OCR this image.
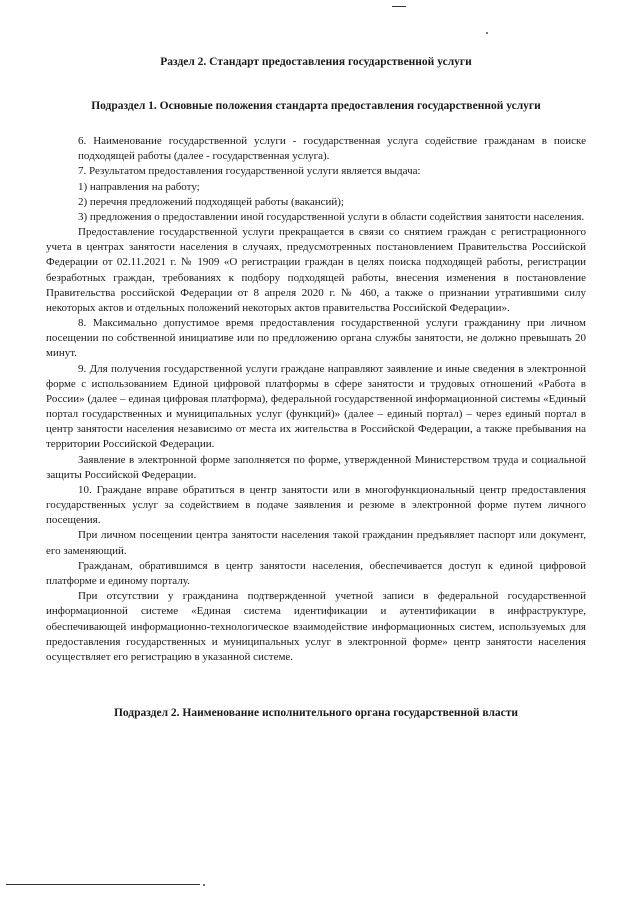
Раздел 2. Стандарт предоставления государственной услуги
Подраздел 1. Основные положения стандарта предоставления государственной услуги

6. Наименование государственной услуги - государственная услуга содействие гражданам в поиске подходящей работы (далее - государственная услуга).

7. Результатом предоставления государственной услуги является выдача:

1) направления на работу;

2) перечня предложений подходящей работы (вакансий);

3) предложения о предоставлении иной государственной услуги в области содействия занятости населения.

Предоставление государственной услуги прекращается в связи со снятием граждан с регистрационного учета в центрах занятости населения в случаях, предусмотренных постановлением Правительства Российской Федерации от 02.11.2021 г. № 1909 «О регистрации граждан в целях поиска подходящей работы, регистрации безработных граждан, требованиях к подбору подходящей работы, внесения изменения в постановление Правительства российской Федерации от 8 апреля 2020 г. № 460, а также о признании утратившими силу некоторых актов и отдельных положений некоторых актов правительства Российской Федерации».

8. Максимально допустимое время предоставления государственной услуги гражданину при личном посещении по собственной инициативе или по предложению органа службы занятости, не должно превышать 20 минут.

9. Для получения государственной услуги граждане направляют заявление и иные сведения в электронной форме с использованием Единой цифровой платформы в сфере занятости и трудовых отношений «Работа в России» (далее – единая цифровая платформа), федеральной государственной информационной системы «Единый портал государственных и муниципальных услуг (функций)» (далее – единый портал) – через единый портал в центр занятости населения независимо от места их жительства в Российской Федерации, а также пребывания на территории Российской Федерации.

Заявление в электронной форме заполняется по форме, утвержденной Министерством труда и социальной защиты Российской Федерации.

10. Граждане вправе обратиться в центр занятости или в многофункциональный центр предоставления государственных услуг за содействием в подаче заявления и резюме в электронной форме путем личного посещения.

При личном посещении центра занятости населения такой гражданин предъявляет паспорт или документ, его заменяющий.

Гражданам, обратившимся в центр занятости населения, обеспечивается доступ к единой цифровой платформе и единому порталу.

При отсутствии у гражданина подтвержденной учетной записи в федеральной государственной информационной системе «Единая система идентификации и аутентификации в инфраструктуре, обеспечивающей информационно-технологическое взаимодействие информационных систем, используемых для предоставления государственных и муниципальных услуг в электронной форме» центр занятости населения осуществляет его регистрацию в указанной системе.

Подраздел 2. Наименование исполнительного органа государственной власти
